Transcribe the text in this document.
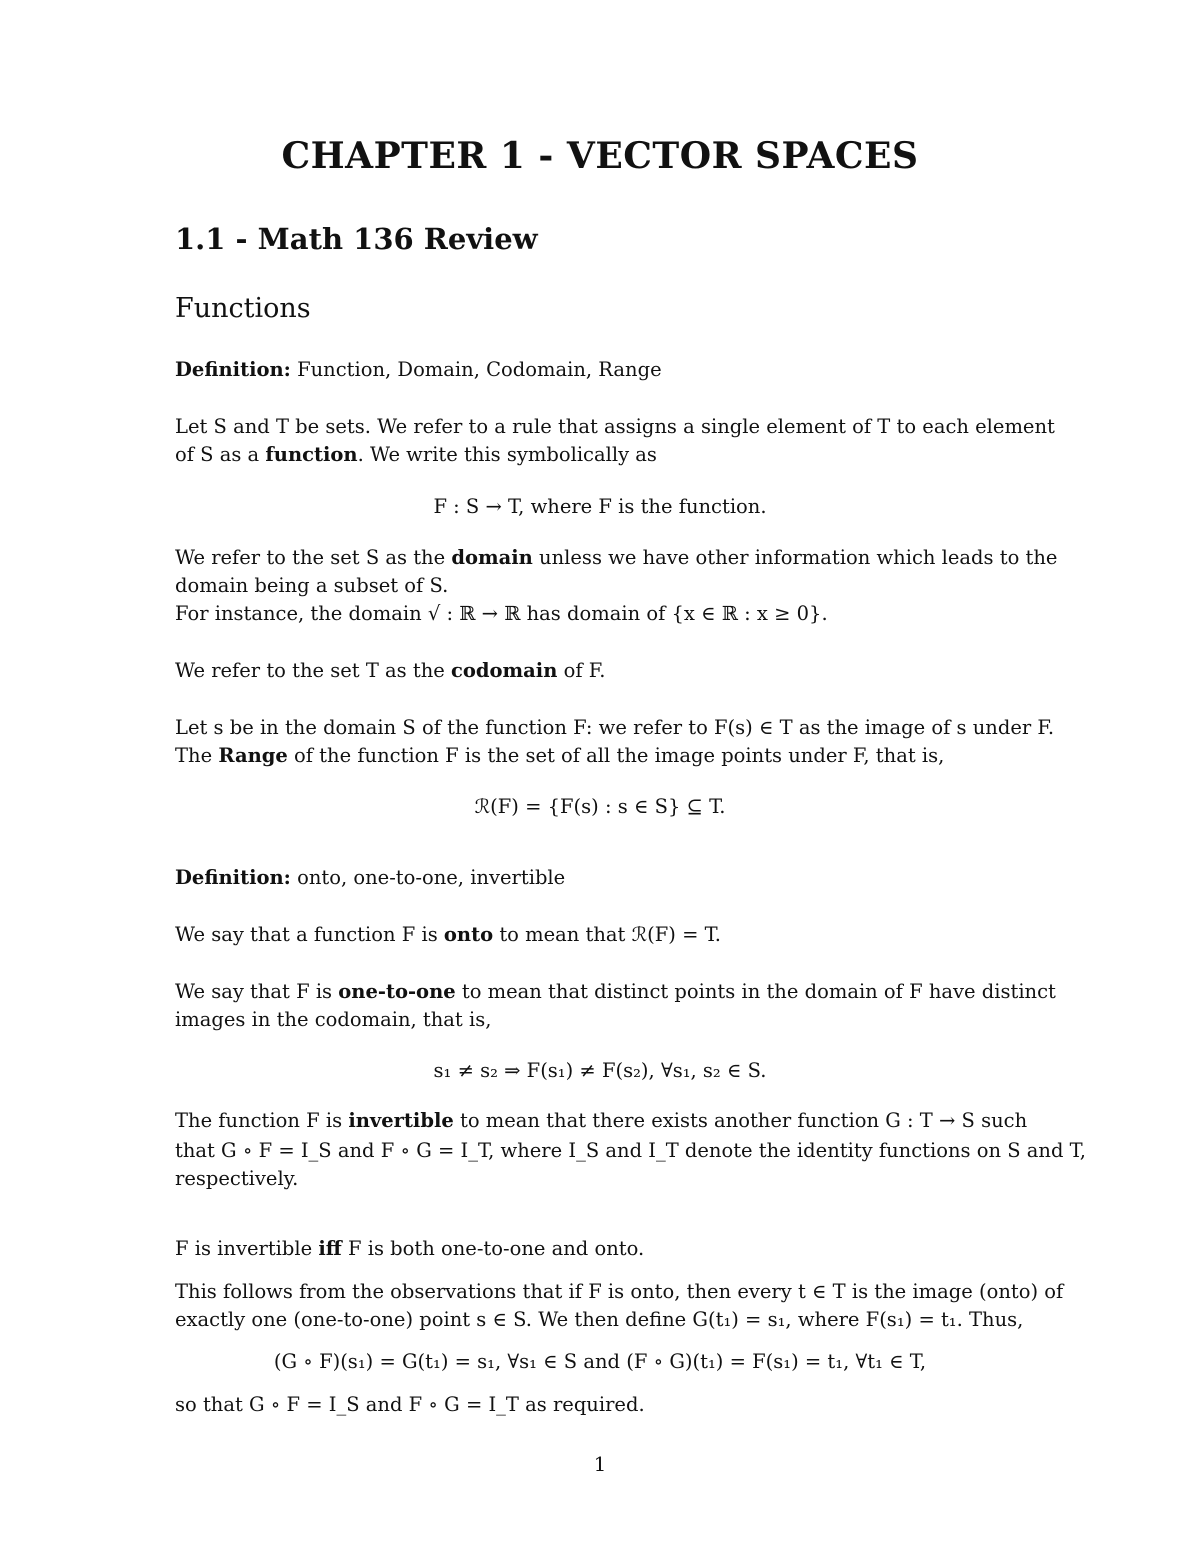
CHAPTER 1 - VECTOR SPACES
1.1 - Math 136 Review
Functions
Definition: Function, Domain, Codomain, Range
Let S and T be sets. We refer to a rule that assigns a single element of T to each element
of S as a function. We write this symbolically as
F : S → T, where F is the function.
We refer to the set S as the domain unless we have other information which leads to the
domain being a subset of S.
For instance, the domain √ : ℝ → ℝ has domain of {x ∈ ℝ : x ≥ 0}.
We refer to the set T as the codomain of F.
Let s be in the domain S of the function F: we refer to F(s) ∈ T as the image of s under F.
The Range of the function F is the set of all the image points under F, that is,
ℛ(F) = {F(s) : s ∈ S} ⊆ T.
Definition: onto, one-to-one, invertible
We say that a function F is onto to mean that ℛ(F) = T.
We say that F is one-to-one to mean that distinct points in the domain of F have distinct
images in the codomain, that is,
s₁ ≠ s₂ ⇒ F(s₁) ≠ F(s₂), ∀s₁, s₂ ∈ S.
The function F is invertible to mean that there exists another function G : T → S such
that G ∘ F = I_S and F ∘ G = I_T, where I_S and I_T denote the identity functions on S and T,
respectively.
F is invertible iff F is both one-to-one and onto.
This follows from the observations that if F is onto, then every t ∈ T is the image (onto) of
exactly one (one-to-one) point s ∈ S. We then define G(t₁) = s₁, where F(s₁) = t₁. Thus,
(G ∘ F)(s₁) = G(t₁) = s₁, ∀s₁ ∈ S and (F ∘ G)(t₁) = F(s₁) = t₁, ∀t₁ ∈ T,
so that G ∘ F = I_S and F ∘ G = I_T as required.
1
